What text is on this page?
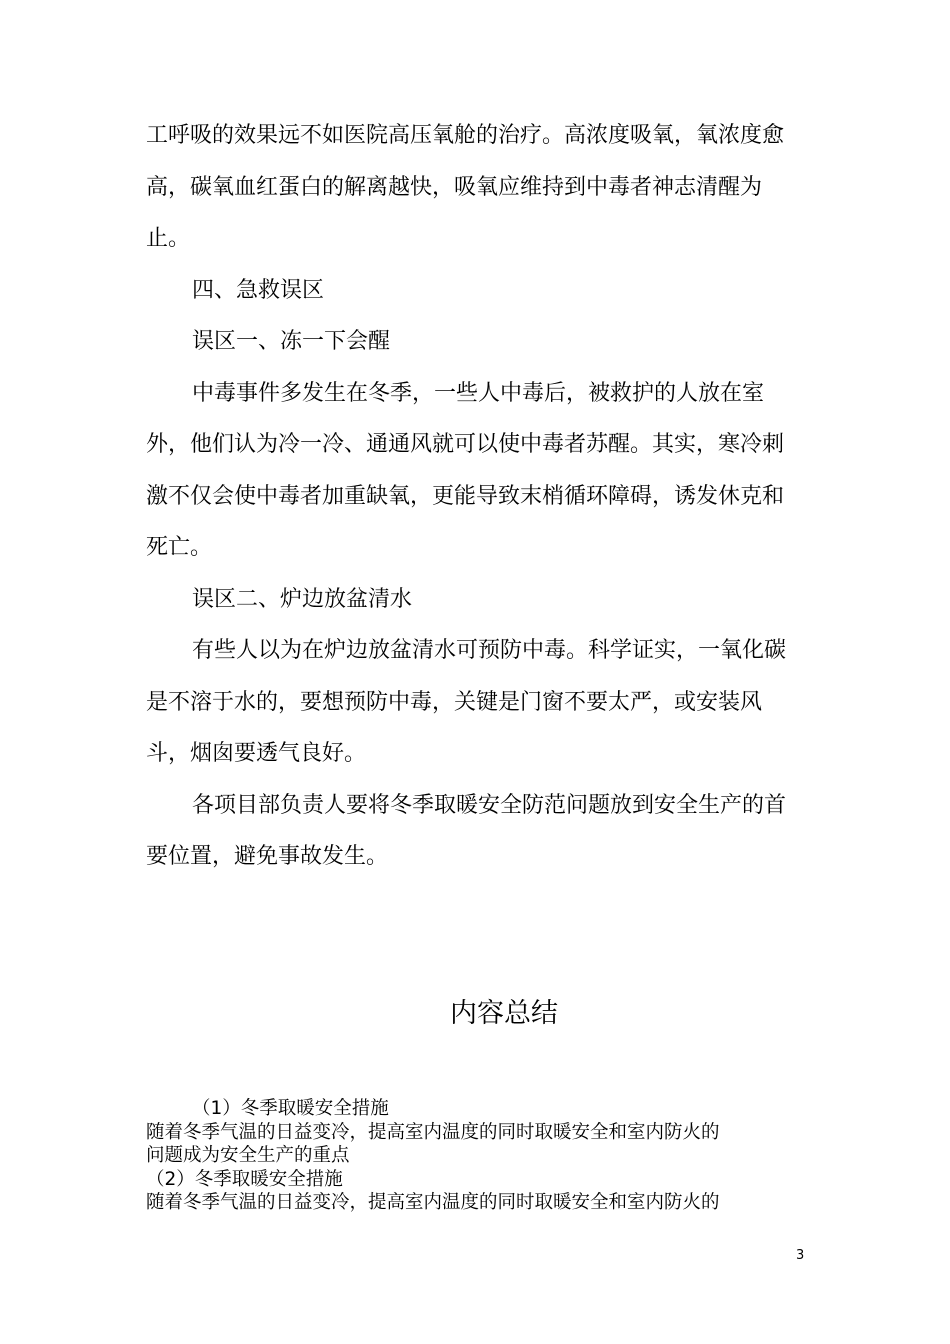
工呼吸的效果远不如医院高压氧舱的治疗。高浓度吸氧，氧浓度愈
高，碳氧血红蛋白的解离越快，吸氧应维持到中毒者神志清醒为
止。
四、急救误区
误区一、冻一下会醒
中毒事件多发生在冬季，一些人中毒后，被救护的人放在室
外，他们认为冷一冷、通通风就可以使中毒者苏醒。其实，寒冷刺
激不仅会使中毒者加重缺氧，更能导致末梢循环障碍，诱发休克和
死亡。
误区二、炉边放盆清水
有些人以为在炉边放盆清水可预防中毒。科学证实，一氧化碳
是不溶于水的，要想预防中毒，关键是门窗不要太严，或安装风
斗，烟囱要透气良好。
各项目部负责人要将冬季取暖安全防范问题放到安全生产的首
要位置，避免事故发生。
内容总结
（1）冬季取暖安全措施
随着冬季气温的日益变冷，提高室内温度的同时取暖安全和室内防火的
问题成为安全生产的重点
（2）冬季取暖安全措施
随着冬季气温的日益变冷，提高室内温度的同时取暖安全和室内防火的
3
